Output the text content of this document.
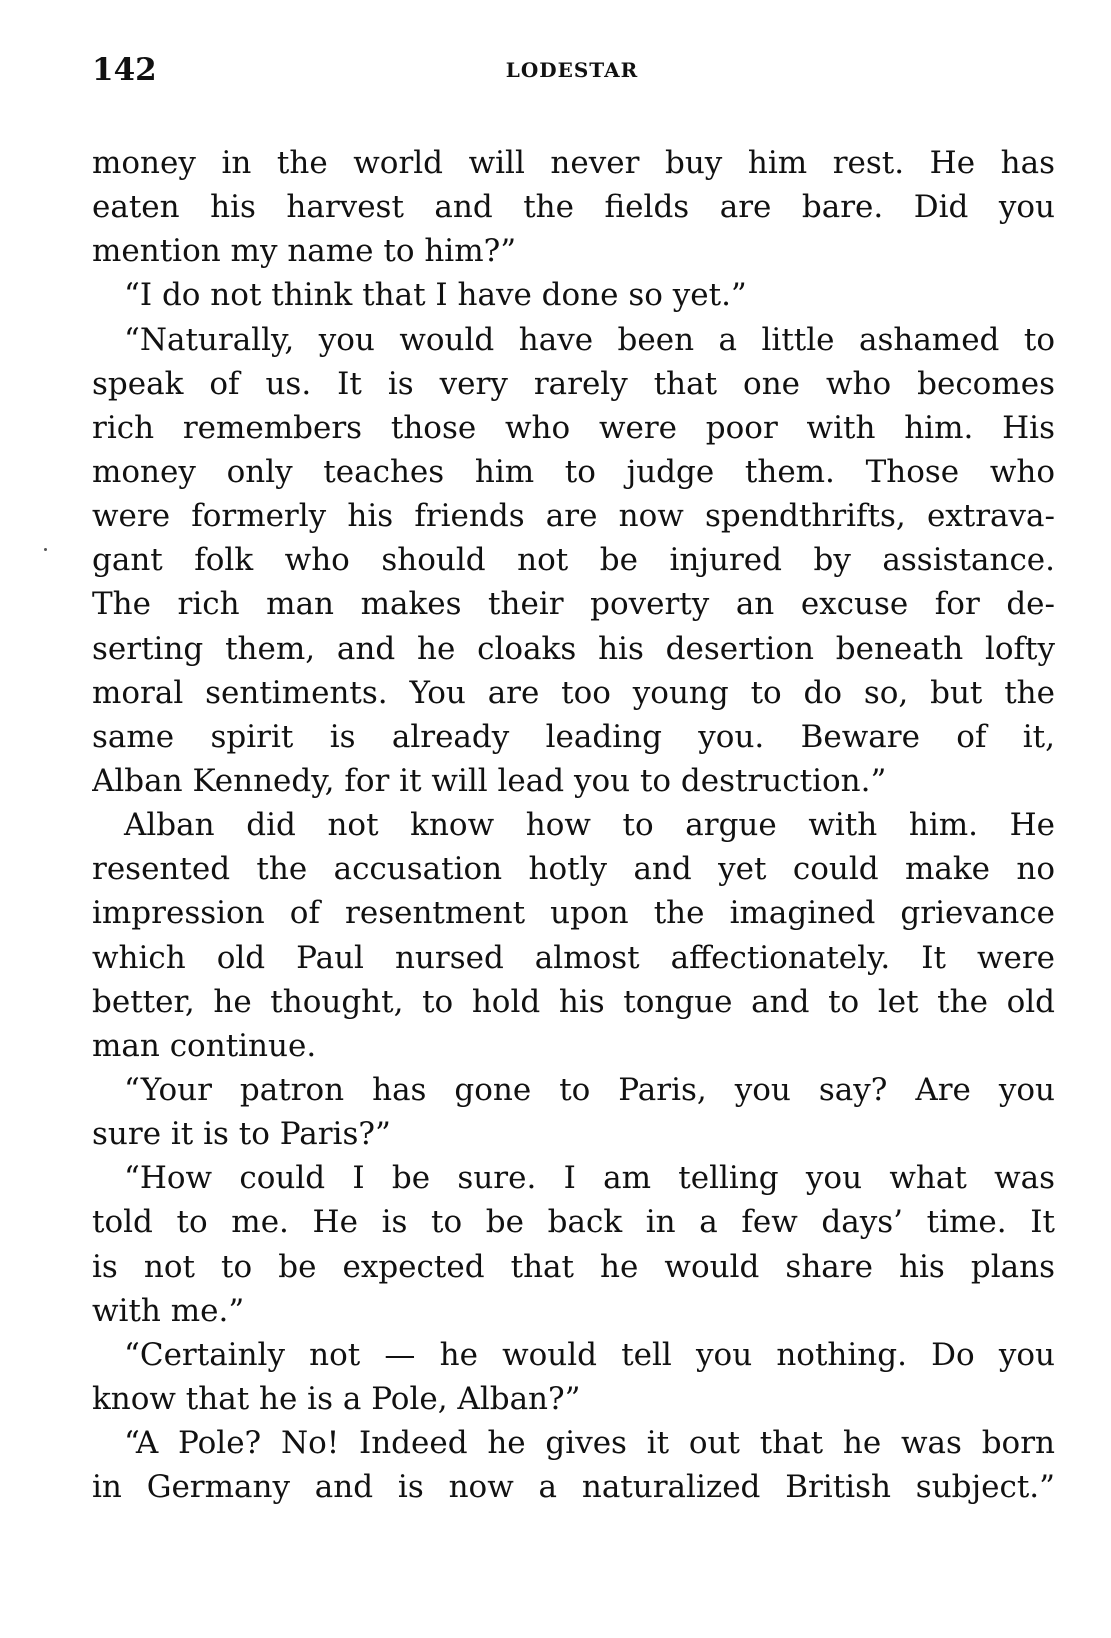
142	LODESTAR
money in the world will never buy him rest. He has
eaten his harvest and the fields are bare. Did you
mention my name to him?”
“I do not think that I have done so yet.”
“Naturally, you would have been a little ashamed to
speak of us. It is very rarely that one who becomes
rich remembers those who were poor with him. His
money only teaches him to judge them. Those who
were formerly his friends are now spendthrifts, extrava-
gant folk who should not be injured by assistance.
The rich man makes their poverty an excuse for de-
serting them, and he cloaks his desertion beneath lofty
moral sentiments. You are too young to do so, but the
same spirit is already leading you. Beware of it,
Alban Kennedy, for it will lead you to destruction.”
Alban did not know how to argue with him. He
resented the accusation hotly and yet could make no
impression of resentment upon the imagined grievance
which old Paul nursed almost affectionately. It were
better, he thought, to hold his tongue and to let the old
man continue.
“Your patron has gone to Paris, you say? Are you
sure it is to Paris?”
“How could I be sure. I am telling you what was
told to me. He is to be back in a few days’ time. It
is not to be expected that he would share his plans
with me.”
“Certainly not — he would tell you nothing. Do you
know that he is a Pole, Alban?”
“A Pole? No! Indeed he gives it out that he was born
in Germany and is now a naturalized British subject.”
